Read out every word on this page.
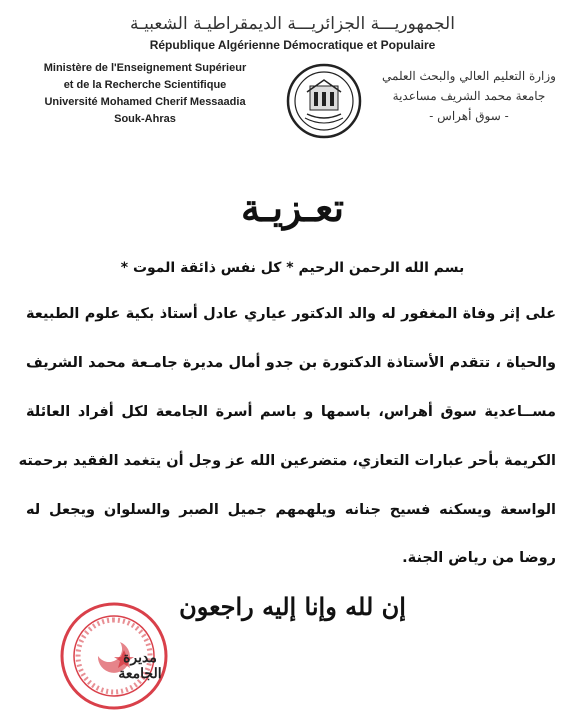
الجمهوريـــة الجزائريـــة الديمقراطيـة الشعبيـة
République Algérienne Démocratique et Populaire
Ministère de l'Enseignement Supérieur
et de la Recherche Scientifique
Université Mohamed Cherif Messaadia
Souk-Ahras
وزارة التعليم العالي والبحث العلمي
جامعة محمد الشريف مساعدية
- سوق أهراس -
تعـزيـة
بسم الله الرحمن الرحيم * كل نفس ذائقة الموت *
على إثر وفاة المغفور له والد الدكتور عياري عادل أستاذ بكية علوم الطبيعة
والحياة ، تتقدم الأستاذة الدكتورة بن جدو أمال مديرة جامـعة محمد الشريف
مســاعدية سوق أهراس، باسمها و باسم أسرة الجامعة لكل أفراد العائلة
الكريمة بأحر عبارات التعازي، متضرعين الله عز وجل أن يتغمد الفقيد برحمته
الواسعة ويسكنه فسيح جنانه ويلهمهم جميل الصبر والسلوان ويجعل له
روضا من رياض الجنة.
إن لله وإنا إليه راجعون
مديرة الجامعة
